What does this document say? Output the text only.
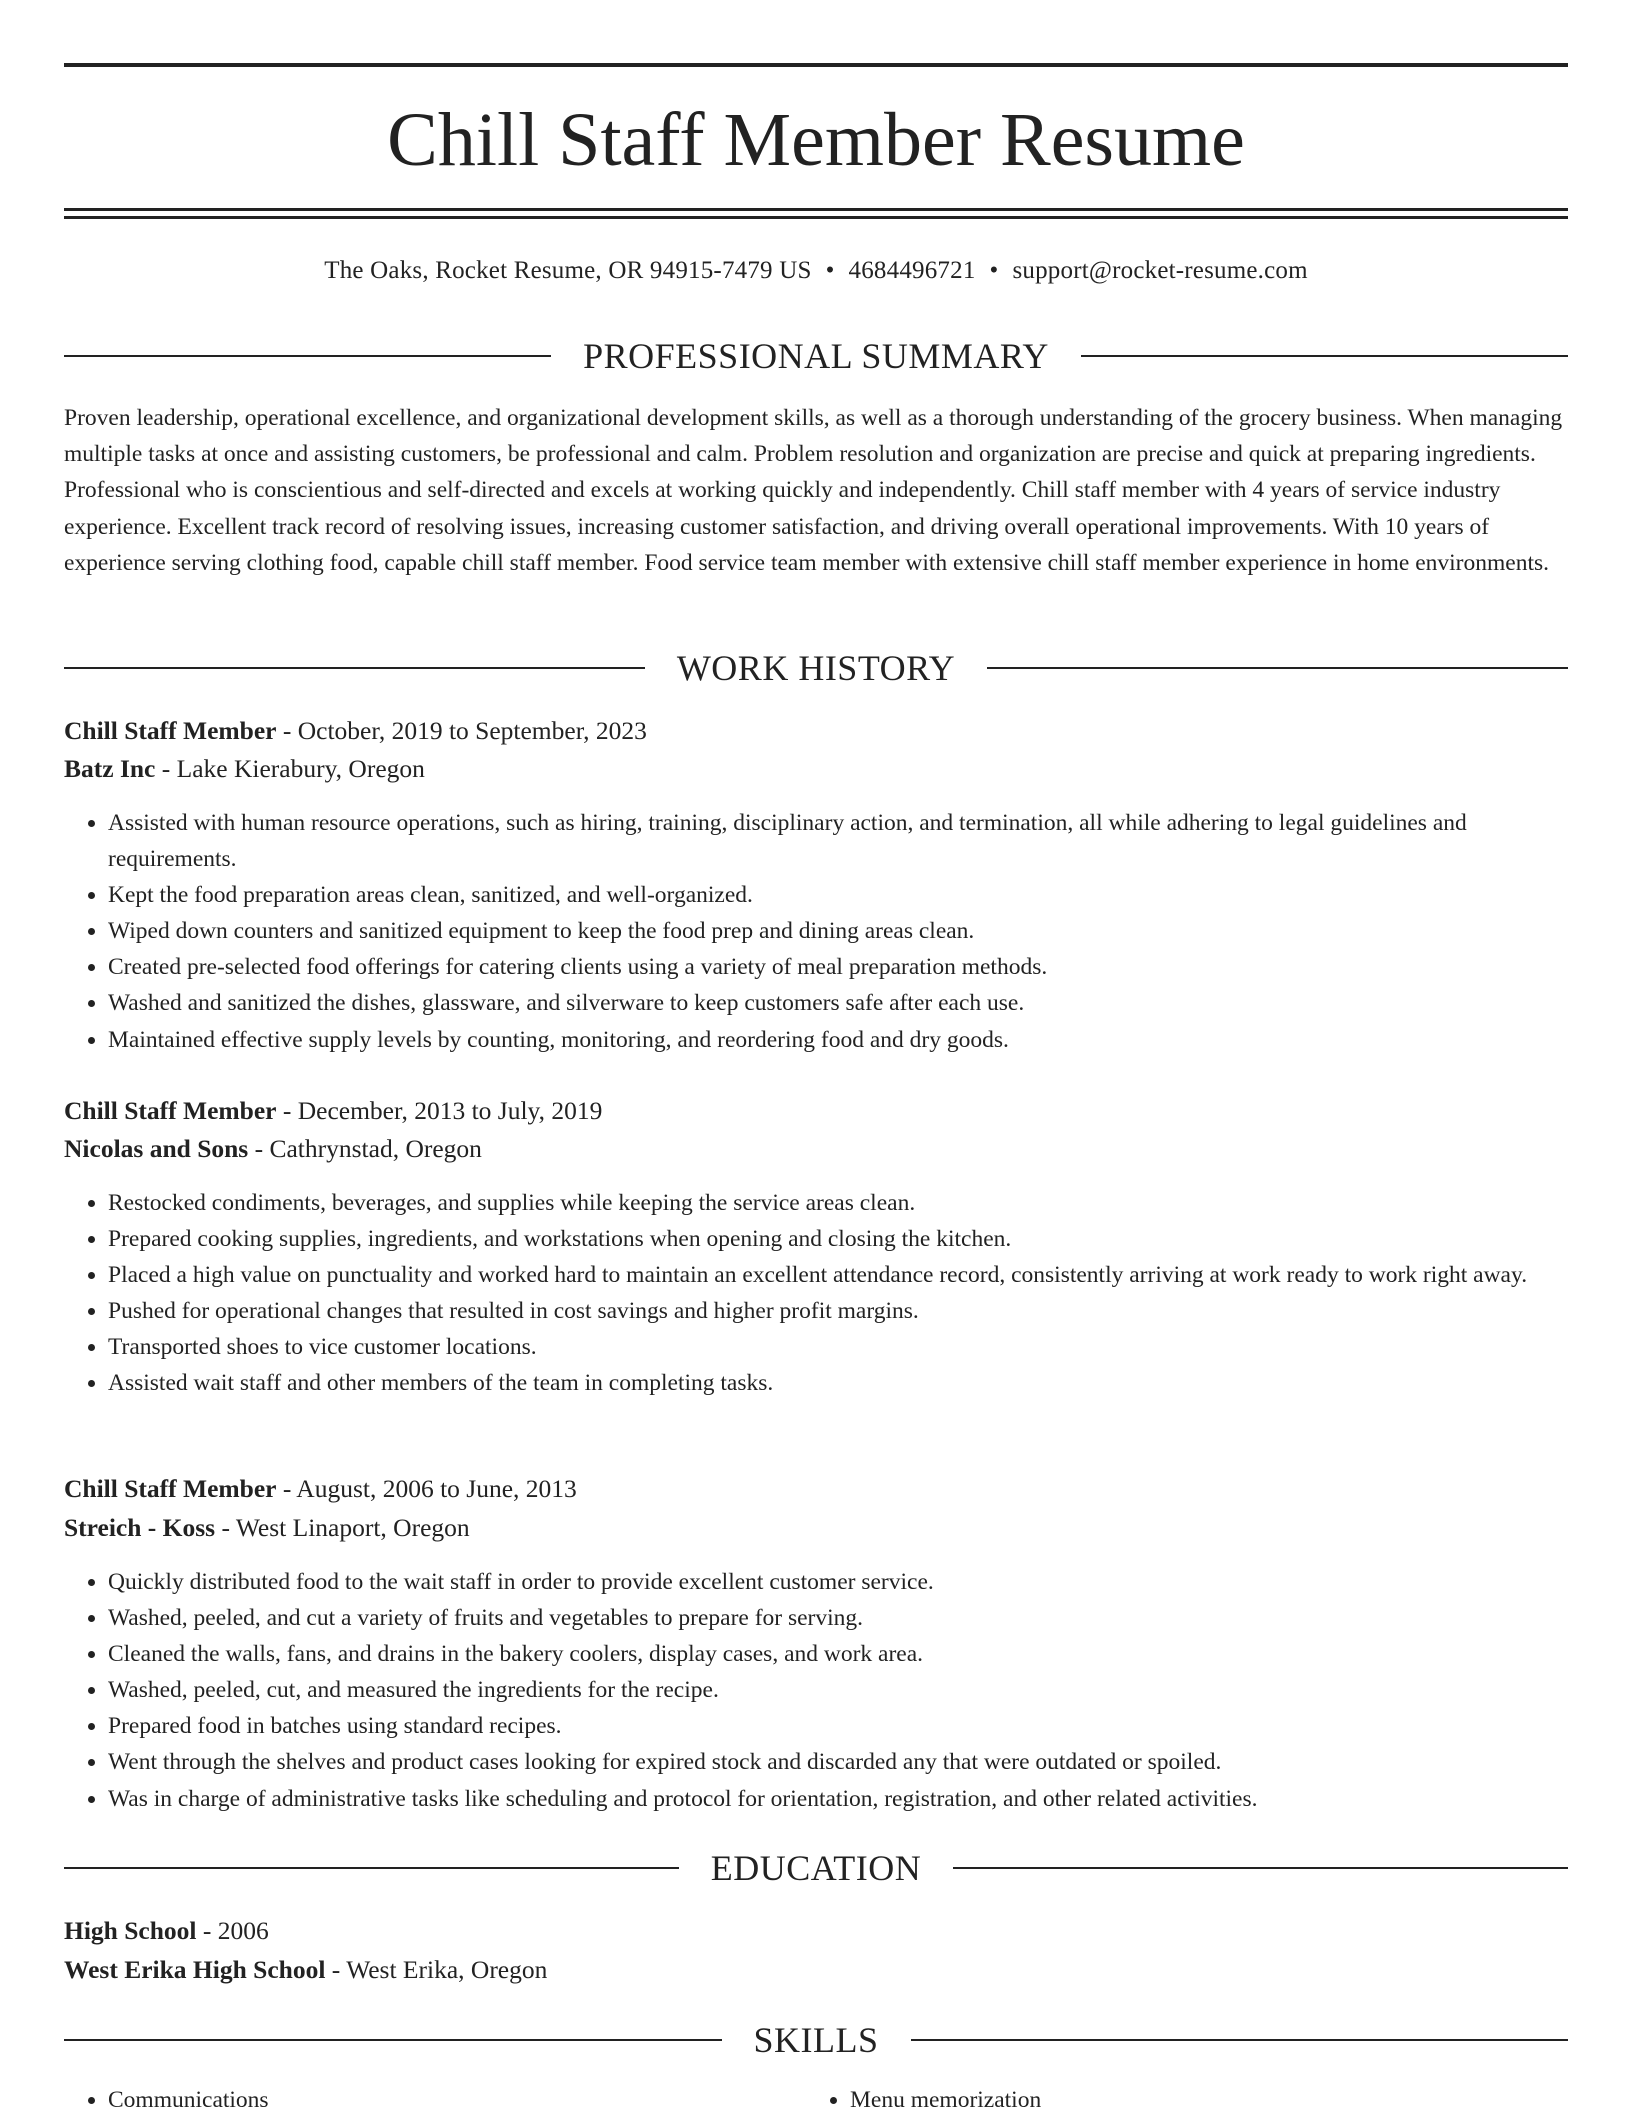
Chill Staff Member Resume
The Oaks, Rocket Resume, OR 94915-7479 US • 4684496721 • support@rocket-resume.com
PROFESSIONAL SUMMARY

Proven leadership, operational excellence, and organizational development skills, as well as a thorough understanding of the grocery business. When managing multiple tasks at once and assisting customers, be professional and calm. Problem resolution and organization are precise and quick at preparing ingredients. Professional who is conscientious and self-directed and excels at working quickly and independently. Chill staff member with 4 years of service industry experience. Excellent track record of resolving issues, increasing customer satisfaction, and driving overall operational improvements. With 10 years of experience serving clothing food, capable chill staff member. Food service team member with extensive chill staff member experience in home environments.

WORK HISTORY

Chill Staff Member - October, 2019 to September, 2023

Batz Inc - Lake Kierabury, Oregon

• Assisted with human resource operations, such as hiring, training, disciplinary action, and termination, all while adhering to legal guidelines and requirements.
• Kept the food preparation areas clean, sanitized, and well-organized.
• Wiped down counters and sanitized equipment to keep the food prep and dining areas clean.
• Created pre-selected food offerings for catering clients using a variety of meal preparation methods.
• Washed and sanitized the dishes, glassware, and silverware to keep customers safe after each use.
• Maintained effective supply levels by counting, monitoring, and reordering food and dry goods.

Chill Staff Member - December, 2013 to July, 2019

Nicolas and Sons - Cathrynstad, Oregon

• Restocked condiments, beverages, and supplies while keeping the service areas clean.
• Prepared cooking supplies, ingredients, and workstations when opening and closing the kitchen.
• Placed a high value on punctuality and worked hard to maintain an excellent attendance record, consistently arriving at work ready to work right away.
• Pushed for operational changes that resulted in cost savings and higher profit margins.
• Transported shoes to vice customer locations.
• Assisted wait staff and other members of the team in completing tasks.

Chill Staff Member - August, 2006 to June, 2013

Streich - Koss - West Linaport, Oregon

• Quickly distributed food to the wait staff in order to provide excellent customer service.
• Washed, peeled, and cut a variety of fruits and vegetables to prepare for serving.
• Cleaned the walls, fans, and drains in the bakery coolers, display cases, and work area.
• Washed, peeled, cut, and measured the ingredients for the recipe.
• Prepared food in batches using standard recipes.
• Went through the shelves and product cases looking for expired stock and discarded any that were outdated or spoiled.
• Was in charge of administrative tasks like scheduling and protocol for orientation, registration, and other related activities.
EDUCATION

High School - 2006

West Erika High School - West Erika, Oregon

SKILLS
• Communications
•	Menu memorization
